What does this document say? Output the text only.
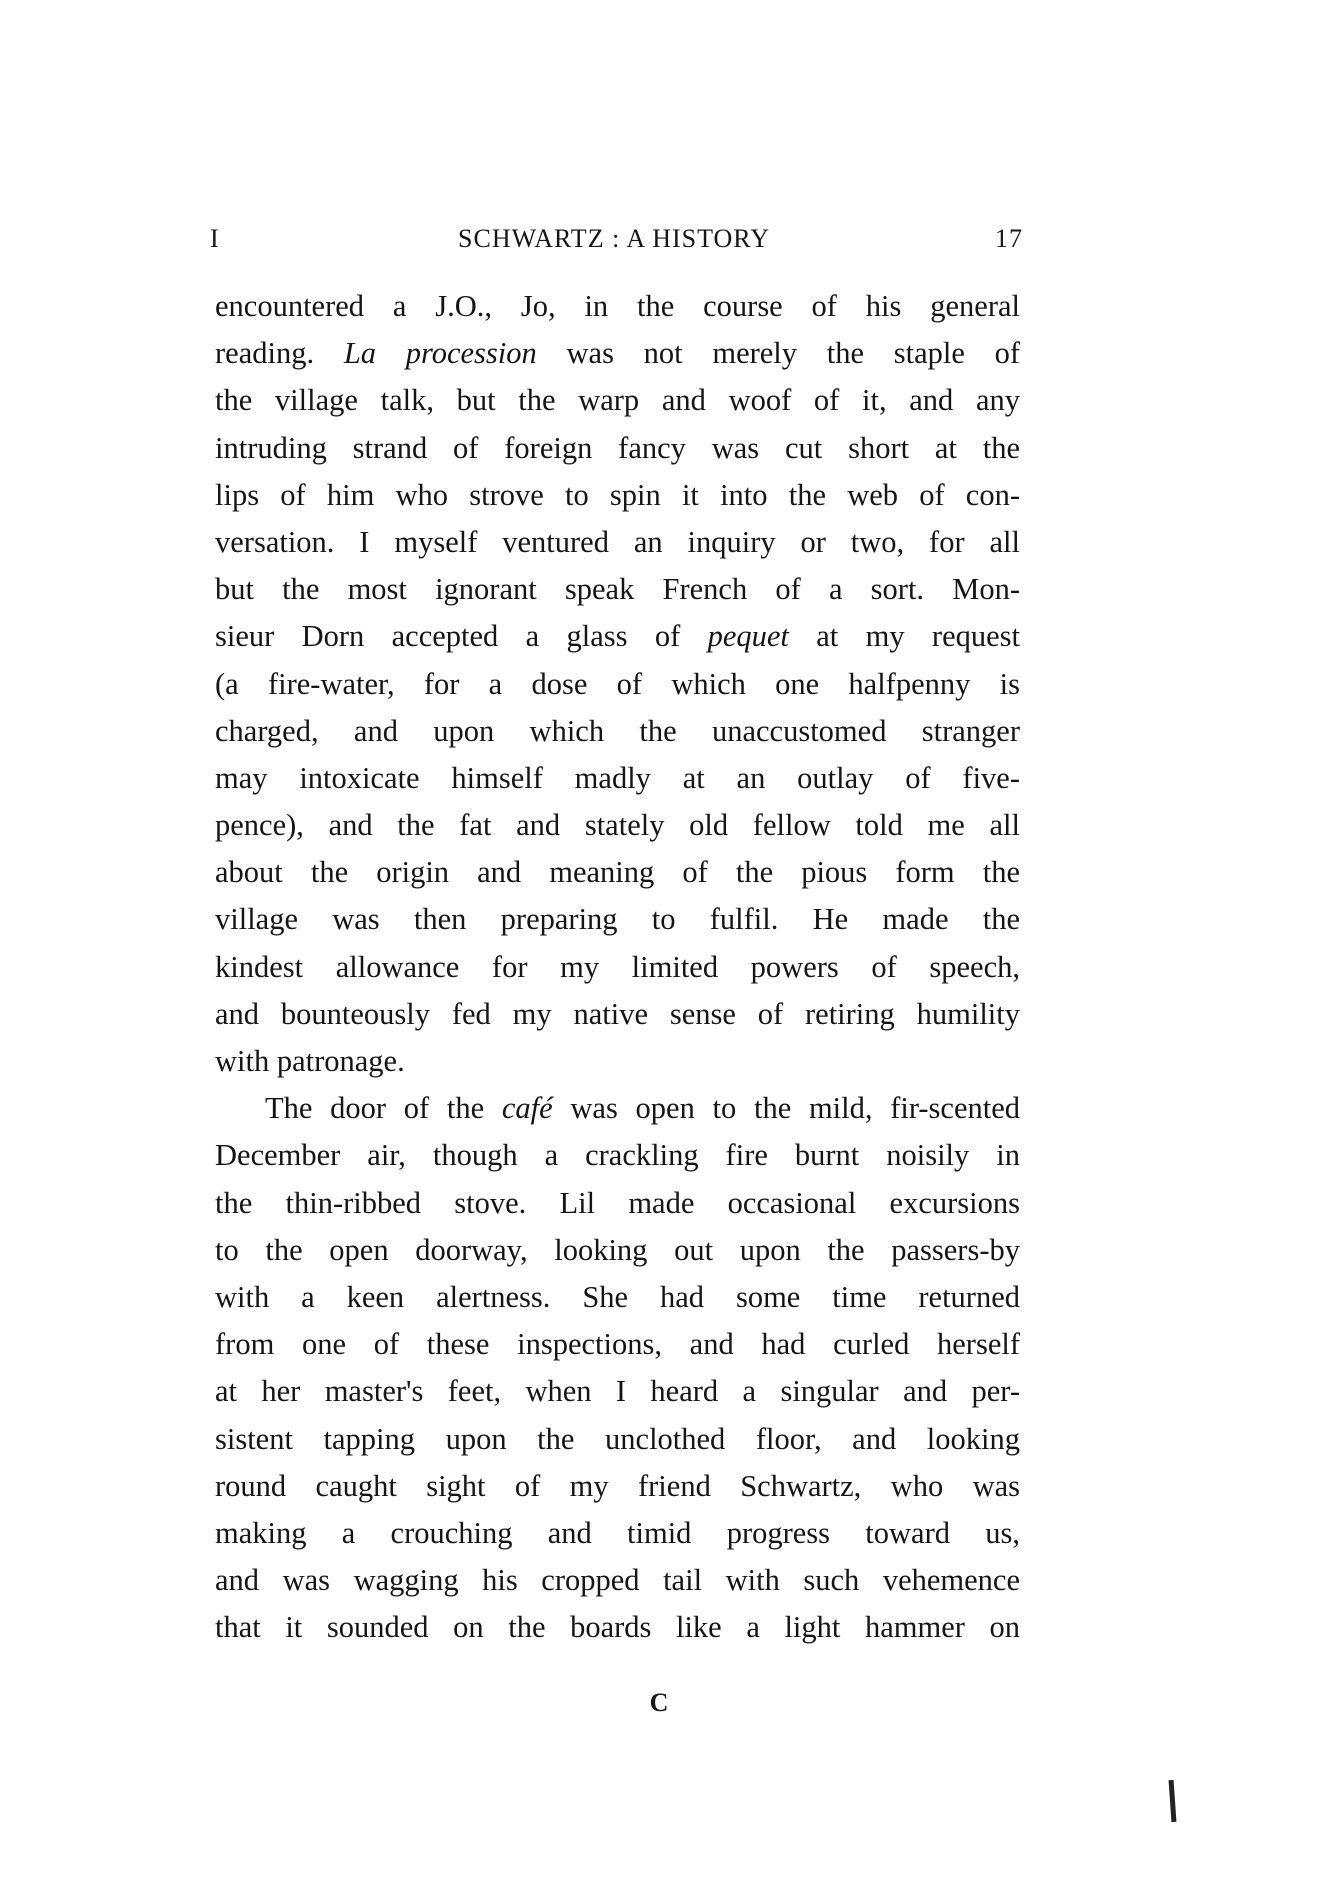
I	SCHWARTZ : A HISTORY	17
encountered a J.O., Jo, in the course of his general
reading. La procession was not merely the staple of
the village talk, but the warp and woof of it, and any
intruding strand of foreign fancy was cut short at the
lips of him who strove to spin it into the web of con-
versation. I myself ventured an inquiry or two, for all
but the most ignorant speak French of a sort. Mon-
sieur Dorn accepted a glass of pequet at my request
(a fire-water, for a dose of which one halfpenny is
charged, and upon which the unaccustomed stranger
may intoxicate himself madly at an outlay of five-
pence), and the fat and stately old fellow told me all
about the origin and meaning of the pious form the
village was then preparing to fulfil. He made the
kindest allowance for my limited powers of speech,
and bounteously fed my native sense of retiring humility
with patronage.
The door of the café was open to the mild, fir-scented
December air, though a crackling fire burnt noisily in
the thin-ribbed stove. Lil made occasional excursions
to the open doorway, looking out upon the passers-by
with a keen alertness. She had some time returned
from one of these inspections, and had curled herself
at her master's feet, when I heard a singular and per-
sistent tapping upon the unclothed floor, and looking
round caught sight of my friend Schwartz, who was
making a crouching and timid progress toward us,
and was wagging his cropped tail with such vehemence
that it sounded on the boards like a light hammer on
C
